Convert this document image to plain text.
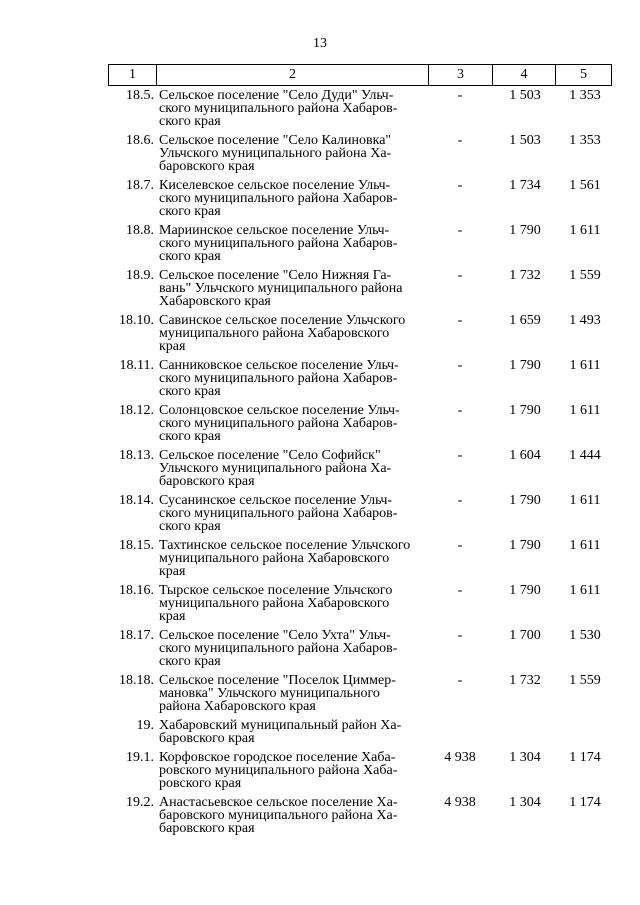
13
1	2	3	4	5
18.5. Сельское поселение "Село Дуди" Ульч-
ского муниципального района Хабаров-
ского края
-	1 503	1 353
18.6. Сельское поселение "Село Калиновка"
Ульчского муниципального района Ха-
баровского края
-	1 503	1 353
18.7. Киселевское сельское поселение Ульч-
ского муниципального района Хабаров-
ского края
-	1 734	1 561
18.8. Мариинское сельское поселение Ульч-
ского муниципального района Хабаров-
ского края
-	1 790	1 611
18.9. Сельское поселение "Село Нижняя Га-
вань" Ульчского муниципального района
Хабаровского края
-	1 732	1 559
18.10. Савинское сельское поселение Ульчского
муниципального района Хабаровского
края
-	1 659	1 493
18.11. Санниковское сельское поселение Ульч-
ского муниципального района Хабаров-
ского края
-	1 790	1 611
18.12. Солонцовское сельское поселение Ульч-
ского муниципального района Хабаров-
ского края
-	1 790	1 611
18.13. Сельское поселение "Село Софийск"
Ульчского муниципального района Ха-
баровского края
-	1 604	1 444
18.14. Сусанинское сельское поселение Ульч-
ского муниципального района Хабаров-
ского края
-	1 790	1 611
18.15. Тахтинское сельское поселение Ульчского
муниципального района Хабаровского
края
-	1 790	1 611
18.16. Тырское сельское поселение Ульчского
муниципального района Хабаровского
края
-	1 790	1 611
18.17. Сельское поселение "Село Ухта" Ульч-
ского муниципального района Хабаров-
ского края
-	1 700	1 530
18.18. Сельское поселение "Поселок Циммер-
мановка" Ульчского муниципального
района Хабаровского края
-	1 732	1 559
19. Хабаровский муниципальный район Ха-
баровского края
19.1. Корфовское городское поселение Хаба-
ровского муниципального района Хаба-
ровского края
4 938	1 304	1 174
19.2. Анастасьевское сельское поселение Ха-
баровского муниципального района Ха-
баровского края
4 938	1 304	1 174
